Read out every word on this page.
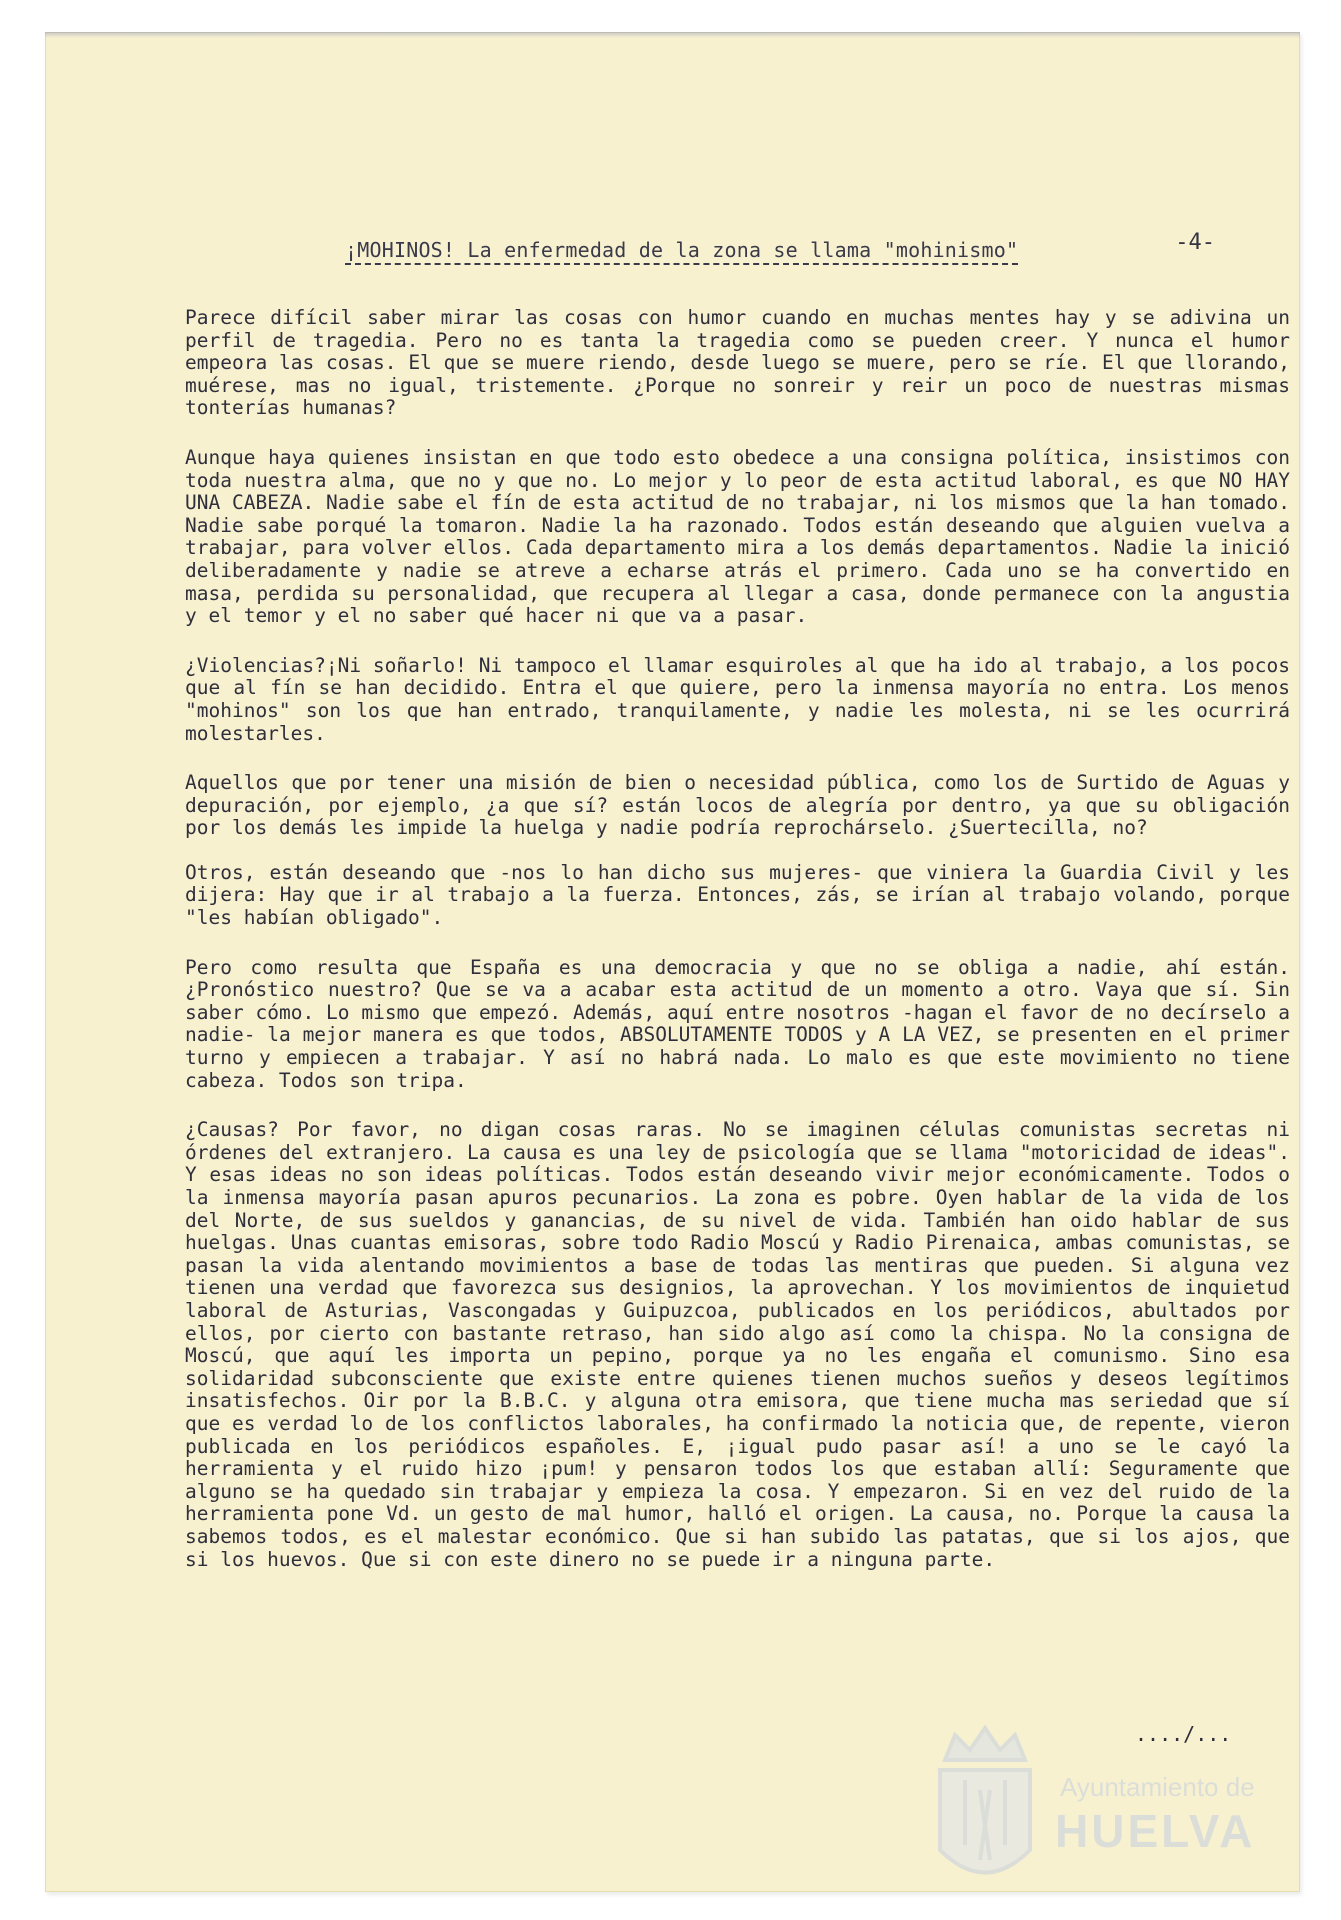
¡MOHINOS! La enfermedad de la zona se llama "mohinismo"	-4-

Parece difícil saber mirar las cosas con humor cuando en muchas mentes hay y se adivina un perfil de tragedia. Pero no es tanta la tragedia como se pueden creer. Y nunca el humor empeora las cosas. El que se muere riendo, desde luego se muere, pero se ríe. El que llorando, muérese, mas no igual, tristemente. ¿Porque no sonreir y reir un poco de nuestras mismas tonterías humanas?

Aunque haya quienes insistan en que todo esto obedece a una consigna política, insistimos con toda nuestra alma, que no y que no. Lo mejor y lo peor de esta actitud laboral, es que NO HAY UNA CABEZA. Nadie sabe el fín de esta actitud de no trabajar, ni los mismos que la han tomado. Nadie sabe porqué la tomaron. Nadie la ha razonado. Todos están deseando que alguien vuelva a trabajar, para volver ellos. Cada departamento mira a los demás departamentos. Nadie la inició deliberadamente y nadie se atreve a echarse atrás el primero. Cada uno se ha convertido en masa, perdida su personalidad, que recupera al llegar a casa, donde permanece con la angustia y el temor y el no saber qué hacer ni que va a pasar.

¿Violencias?¡Ni soñarlo! Ni tampoco el llamar esquiroles al que ha ido al trabajo, a los pocos que al fín se han decidido. Entra el que quiere, pero la inmensa mayoría no entra. Los menos "mohinos" son los que han entrado, tranquilamente, y nadie les molesta, ni se les ocurrirá molestarles.

Aquellos que por tener una misión de bien o necesidad pública, como los de Surtido de Aguas y depuración, por ejemplo, ¿a que sí? están locos de alegría por dentro, ya que su obligación por los demás les impide la huelga y nadie podría reprochárselo. ¿Suertecilla, no?

Otros, están deseando que -nos lo han dicho sus mujeres- que viniera la Guardia Civil y les dijera: Hay que ir al trabajo a la fuerza. Entonces, zás, se irían al trabajo volando, porque "les habían obligado".

Pero como resulta que España es una democracia y que no se obliga a nadie, ahí están. ¿Pronóstico nuestro? Que se va a acabar esta actitud de un momento a otro. Vaya que sí. Sin saber cómo. Lo mismo que empezó. Además, aquí entre nosotros -hagan el favor de no decírselo a nadie- la mejor manera es que todos, ABSOLUTAMENTE TODOS y A LA VEZ, se presenten en el primer turno y empiecen a trabajar. Y así no habrá nada. Lo malo es que este movimiento no tiene cabeza. Todos son tripa.

¿Causas? Por favor, no digan cosas raras. No se imaginen células comunistas secretas ni órdenes del extranjero. La causa es una ley de psicología que se llama "motoricidad de ideas". Y esas ideas no son ideas políticas. Todos están deseando vivir mejor económicamente. Todos o la inmensa mayoría pasan apuros pecunarios. La zona es pobre. Oyen hablar de la vida de los del Norte, de sus sueldos y ganancias, de su nivel de vida. También han oido hablar de sus huelgas. Unas cuantas emisoras, sobre todo Radio Moscú y Radio Pirenaica, ambas comunistas, se pasan la vida alentando movimientos a base de todas las mentiras que pueden. Si alguna vez tienen una verdad que favorezca sus designios, la aprovechan. Y los movimientos de inquietud laboral de Asturias, Vascongadas y Guipuzcoa, publicados en los periódicos, abultados por ellos, por cierto con bastante retraso, han sido algo así como la chispa. No la consigna de Moscú, que aquí les importa un pepino, porque ya no les engaña el comunismo. Sino esa solidaridad subconsciente que existe entre quienes tienen muchos sueños y deseos legítimos insatisfechos. Oir por la B.B.C. y alguna otra emisora, que tiene mucha mas seriedad que sí que es verdad lo de los conflictos laborales, ha confirmado la noticia que, de repente, vieron publicada en los periódicos españoles. E, ¡igual pudo pasar así! a uno se le cayó la herramienta y el ruido hizo ¡pum! y pensaron todos los que estaban allí: Seguramente que alguno se ha quedado sin trabajar y empieza la cosa. Y empezaron. Si en vez del ruido de la herramienta pone Vd. un gesto de mal humor, halló el origen. La causa, no. Porque la causa la sabemos todos, es el malestar económico. Que si han subido las patatas, que si los ajos, que si los huevos. Que si con este dinero no se puede ir a ninguna parte.

..../...
Ayuntamiento de
HUELVA
